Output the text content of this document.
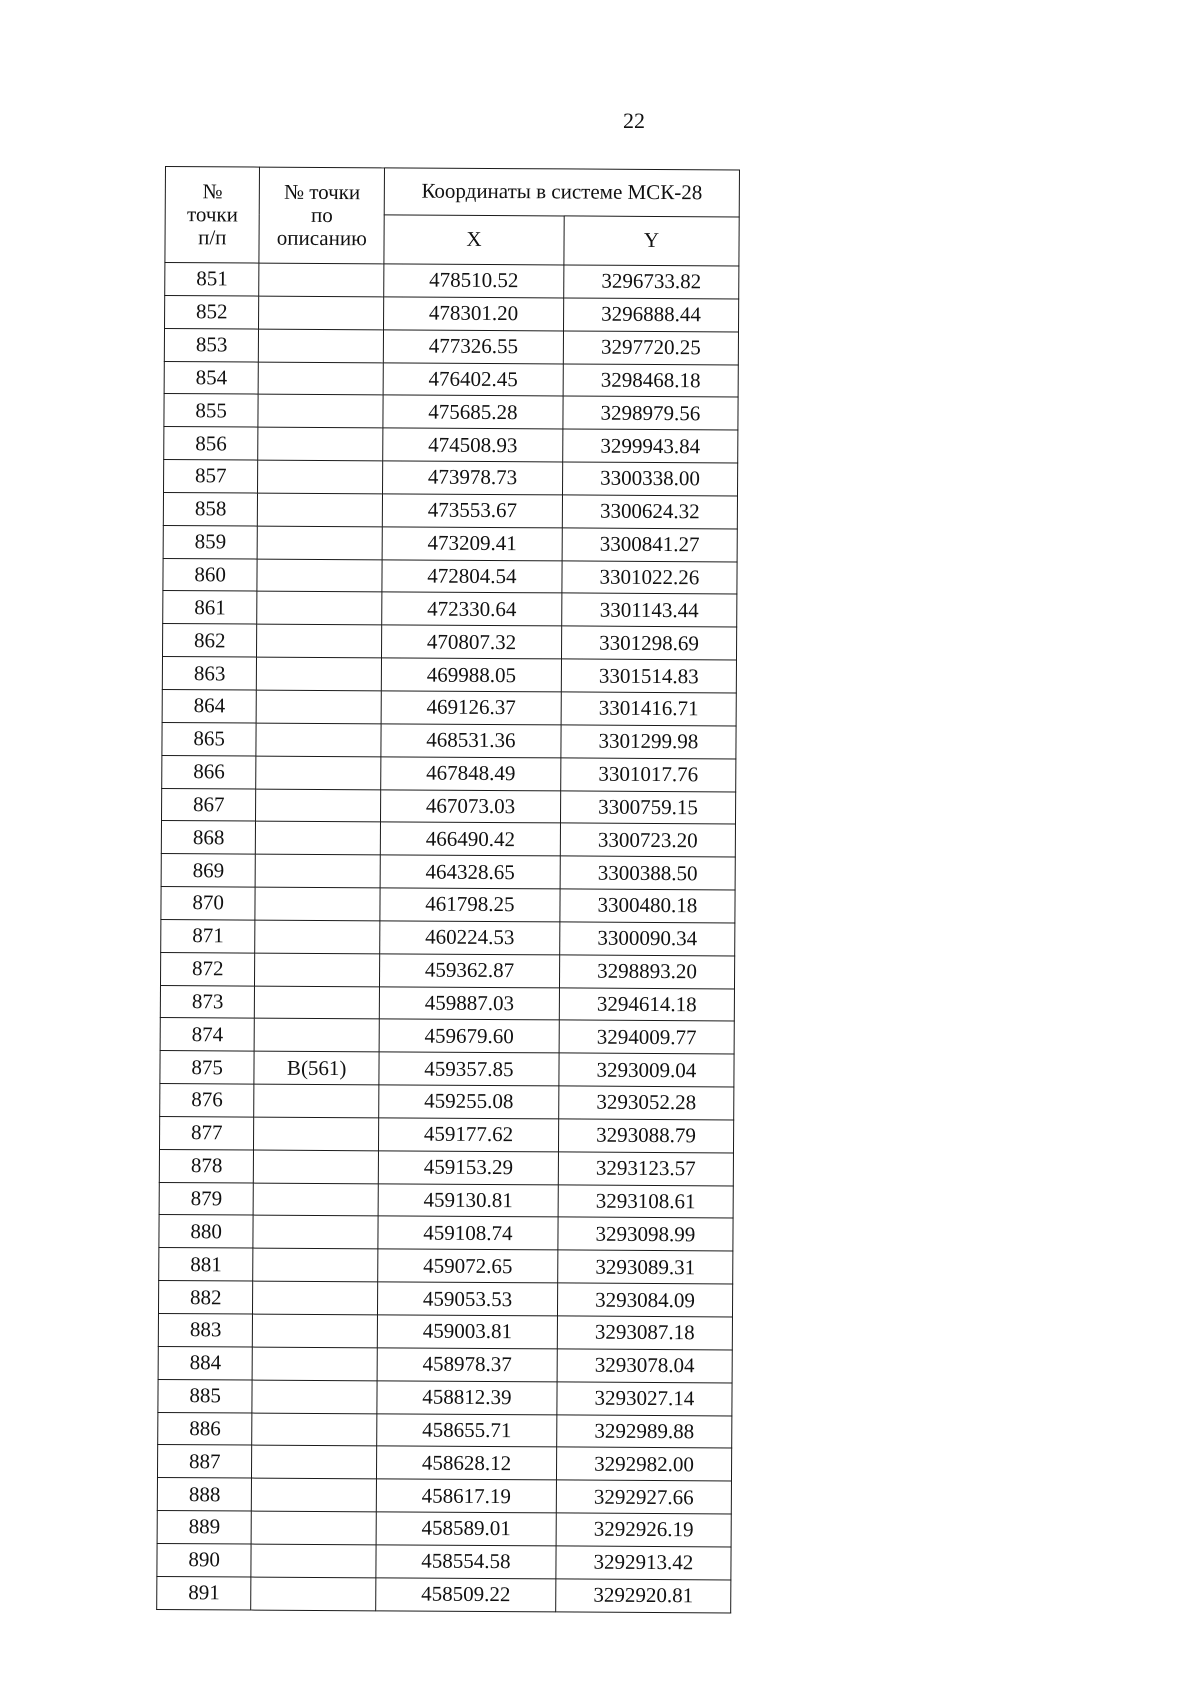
22
№
точки
п/п	№ точки
по
описанию	Координаты в системе МСК-28	
		X	Y
851		478510.52	3296733.82
852		478301.20	3296888.44
853		477326.55	3297720.25
854		476402.45	3298468.18
855		475685.28	3298979.56
856		474508.93	3299943.84
857		473978.73	3300338.00
858		473553.67	3300624.32
859		473209.41	3300841.27
860		472804.54	3301022.26
861		472330.64	3301143.44
862		470807.32	3301298.69
863		469988.05	3301514.83
864		469126.37	3301416.71
865		468531.36	3301299.98
866		467848.49	3301017.76
867		467073.03	3300759.15
868		466490.42	3300723.20
869		464328.65	3300388.50
870		461798.25	3300480.18
871		460224.53	3300090.34
872		459362.87	3298893.20
873		459887.03	3294614.18
874		459679.60	3294009.77
875	B(561)	459357.85	3293009.04
876		459255.08	3293052.28
877		459177.62	3293088.79
878		459153.29	3293123.57
879		459130.81	3293108.61
880		459108.74	3293098.99
881		459072.65	3293089.31
882		459053.53	3293084.09
883		459003.81	3293087.18
884		458978.37	3293078.04
885		458812.39	3293027.14
886		458655.71	3292989.88
887		458628.12	3292982.00
888		458617.19	3292927.66
889		458589.01	3292926.19
890		458554.58	3292913.42
891		458509.22	3292920.81
